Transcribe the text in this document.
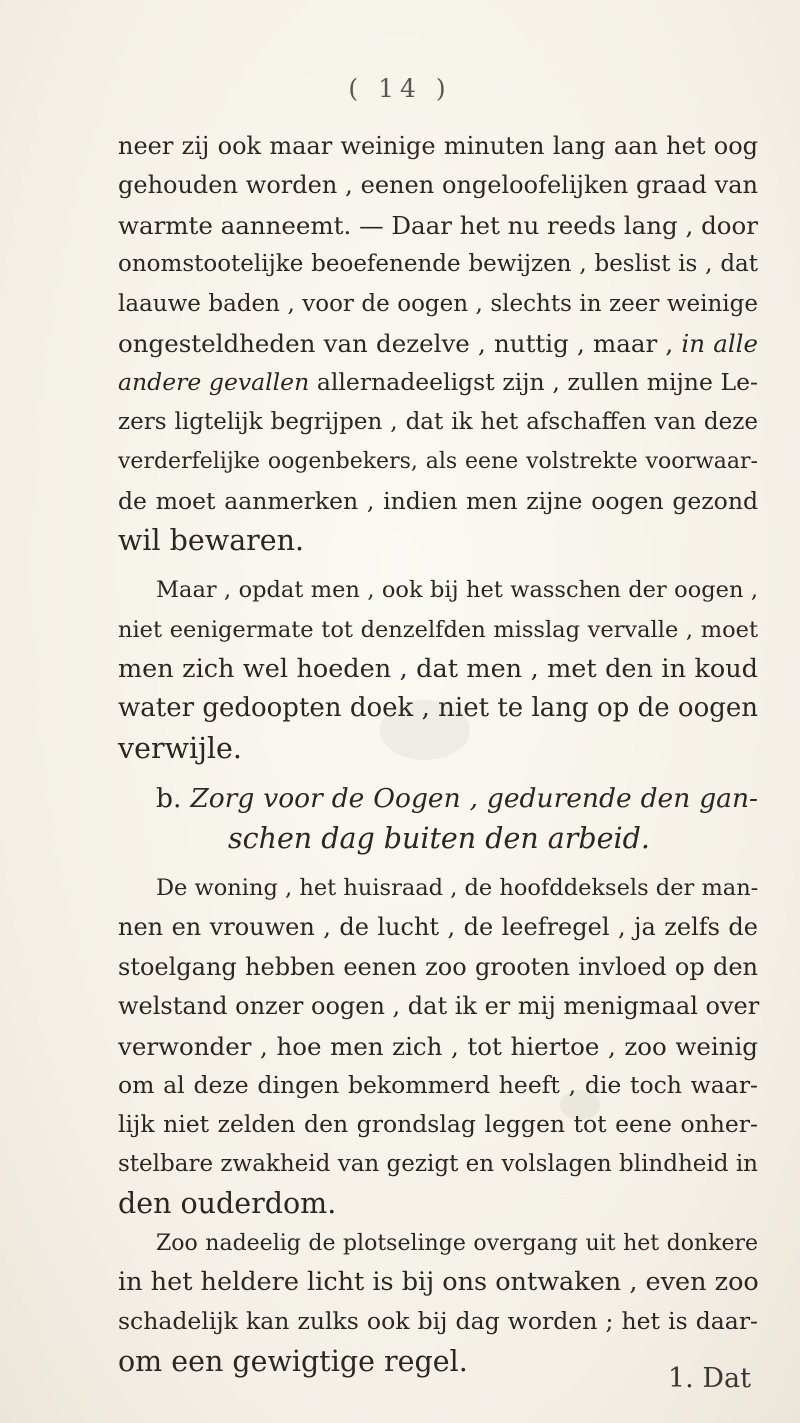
( 14 )
neer zij ook maar weinige minuten lang aan het oog
gehouden worden , eenen ongeloofelijken graad van
warmte aanneemt. — Daar het nu reeds lang , door
onomstootelijke beoefenende bewijzen , beslist is , dat
laauwe baden , voor de oogen , slechts in zeer weinige
ongesteldheden van dezelve , nuttig , maar , in alle
andere gevallen allernadeeligst zijn , zullen mijne Le-
zers ligtelijk begrijpen , dat ik het afschaffen van deze
verderfelijke oogenbekers, als eene volstrekte voorwaar-
de moet aanmerken , indien men zijne oogen gezond
wil bewaren.
Maar , opdat men , ook bij het wasschen der oogen ,
niet eenigermate tot denzelfden misslag vervalle , moet
men zich wel hoeden , dat men , met den in koud
water gedoopten doek , niet te lang op de oogen
verwijle.
b. Zorg voor de Oogen , gedurende den gan-
schen dag buiten den arbeid.
De woning , het huisraad , de hoofddeksels der man-
nen en vrouwen , de lucht , de leefregel , ja zelfs de
stoelgang hebben eenen zoo grooten invloed op den
welstand onzer oogen , dat ik er mij menigmaal over
verwonder , hoe men zich , tot hiertoe , zoo weinig
om al deze dingen bekommerd heeft , die toch waar-
lijk niet zelden den grondslag leggen tot eene onher-
stelbare zwakheid van gezigt en volslagen blindheid in
den ouderdom.
Zoo nadeelig de plotselinge overgang uit het donkere
in het heldere licht is bij ons ontwaken , even zoo
schadelijk kan zulks ook bij dag worden ; het is daar-
om een gewigtige regel.
1. Dat
